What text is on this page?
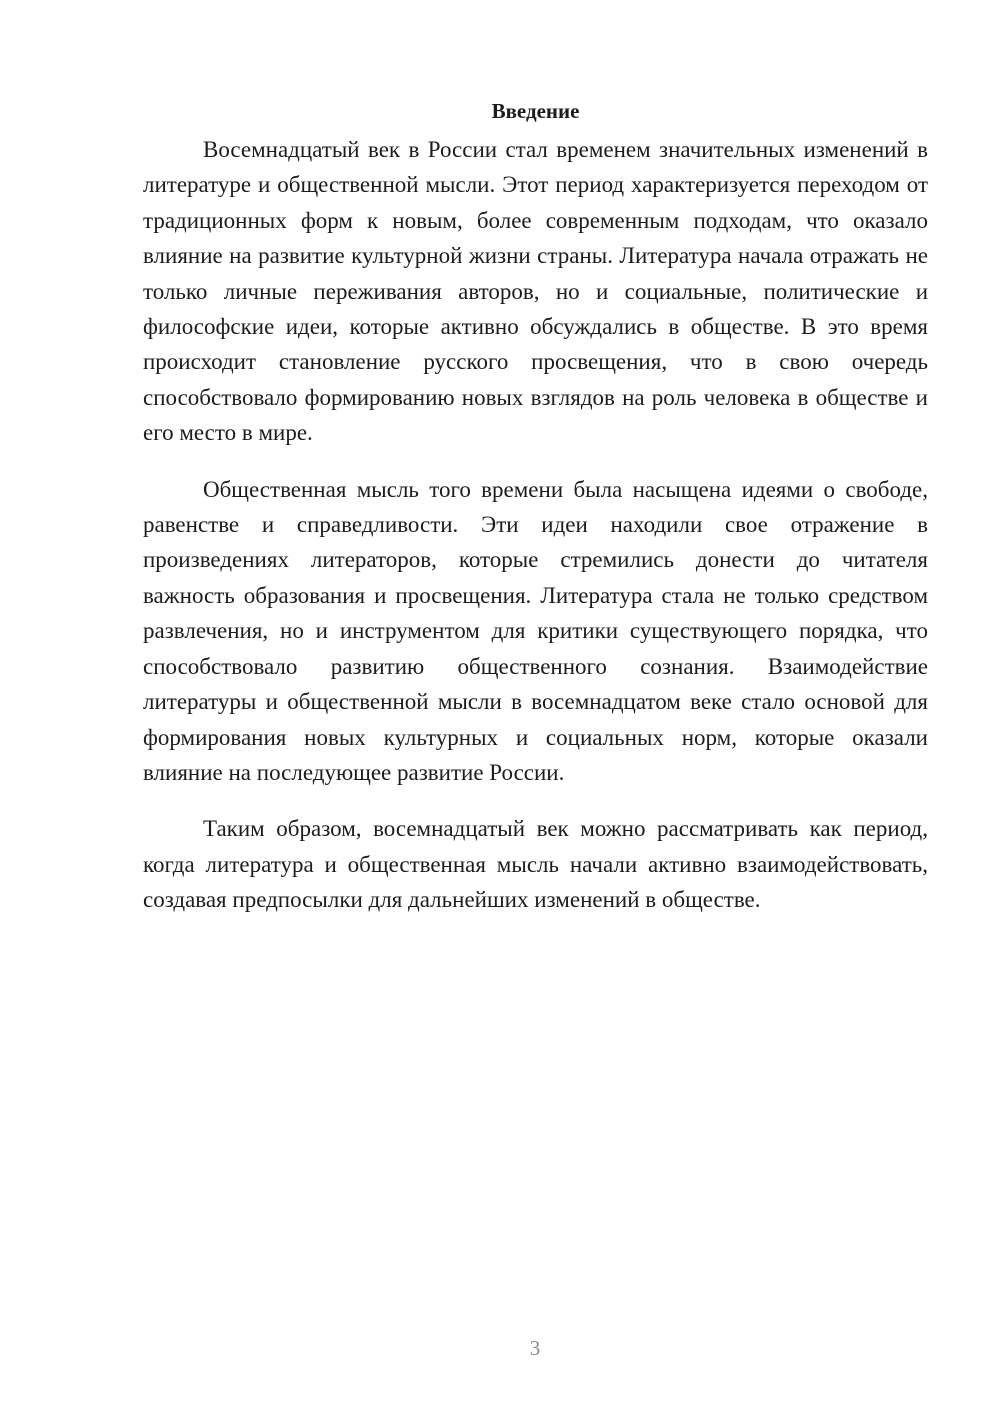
Введение

Восемнадцатый век в России стал временем значительных изменений в литературе и общественной мысли. Этот период характеризуется переходом от традиционных форм к новым, более современным подходам, что оказало влияние на развитие культурной жизни страны. Литература начала отражать не только личные переживания авторов, но и социальные, политические и философские идеи, которые активно обсуждались в обществе. В это время происходит становление русского просвещения, что в свою очередь способствовало формированию новых взглядов на роль человека в обществе и его место в мире.

Общественная мысль того времени была насыщена идеями о свободе, равенстве и справедливости. Эти идеи находили свое отражение в произведениях литераторов, которые стремились донести до читателя важность образования и просвещения. Литература стала не только средством развлечения, но и инструментом для критики существующего порядка, что способствовало развитию общественного сознания. Взаимодействие литературы и общественной мысли в восемнадцатом веке стало основой для формирования новых культурных и социальных норм, которые оказали влияние на последующее развитие России.

Таким образом, восемнадцатый век можно рассматривать как период, когда литература и общественная мысль начали активно взаимодействовать, создавая предпосылки для дальнейших изменений в обществе.

3
